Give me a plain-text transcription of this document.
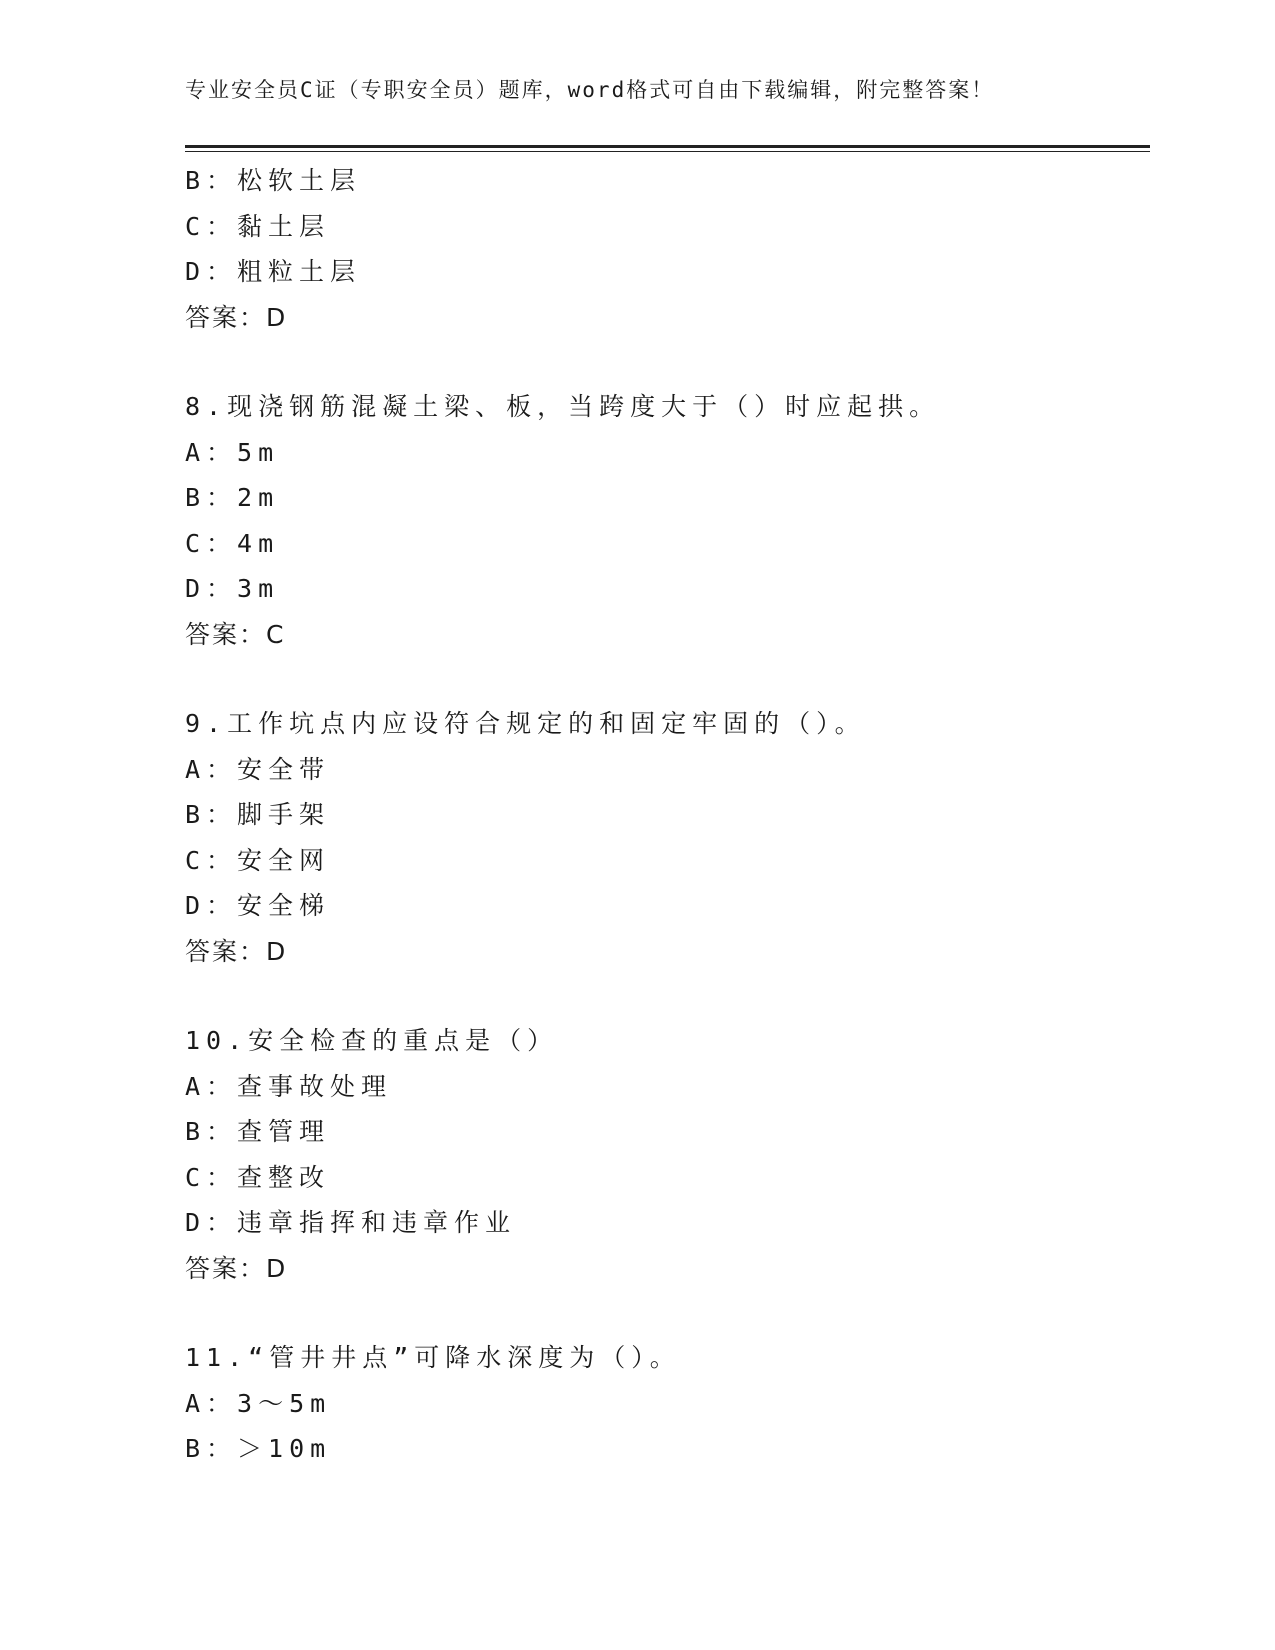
专业安全员C证（专职安全员）题库，word格式可自由下载编辑，附完整答案！
B：松软土层
C：黏土层
D：粗粒土层
答案：D
8.现浇钢筋混凝土梁、板，当跨度大于（）时应起拱。
A：5m
B：2m
C：4m
D：3m
答案：C
9.工作坑点内应设符合规定的和固定牢固的（）。
A：安全带
B：脚手架
C：安全网
D：安全梯
答案：D
10.安全检查的重点是（）
A：查事故处理
B：查管理
C：查整改
D：违章指挥和违章作业
答案：D
11.“管井井点”可降水深度为（）。
A：3～5m
B：＞10m
